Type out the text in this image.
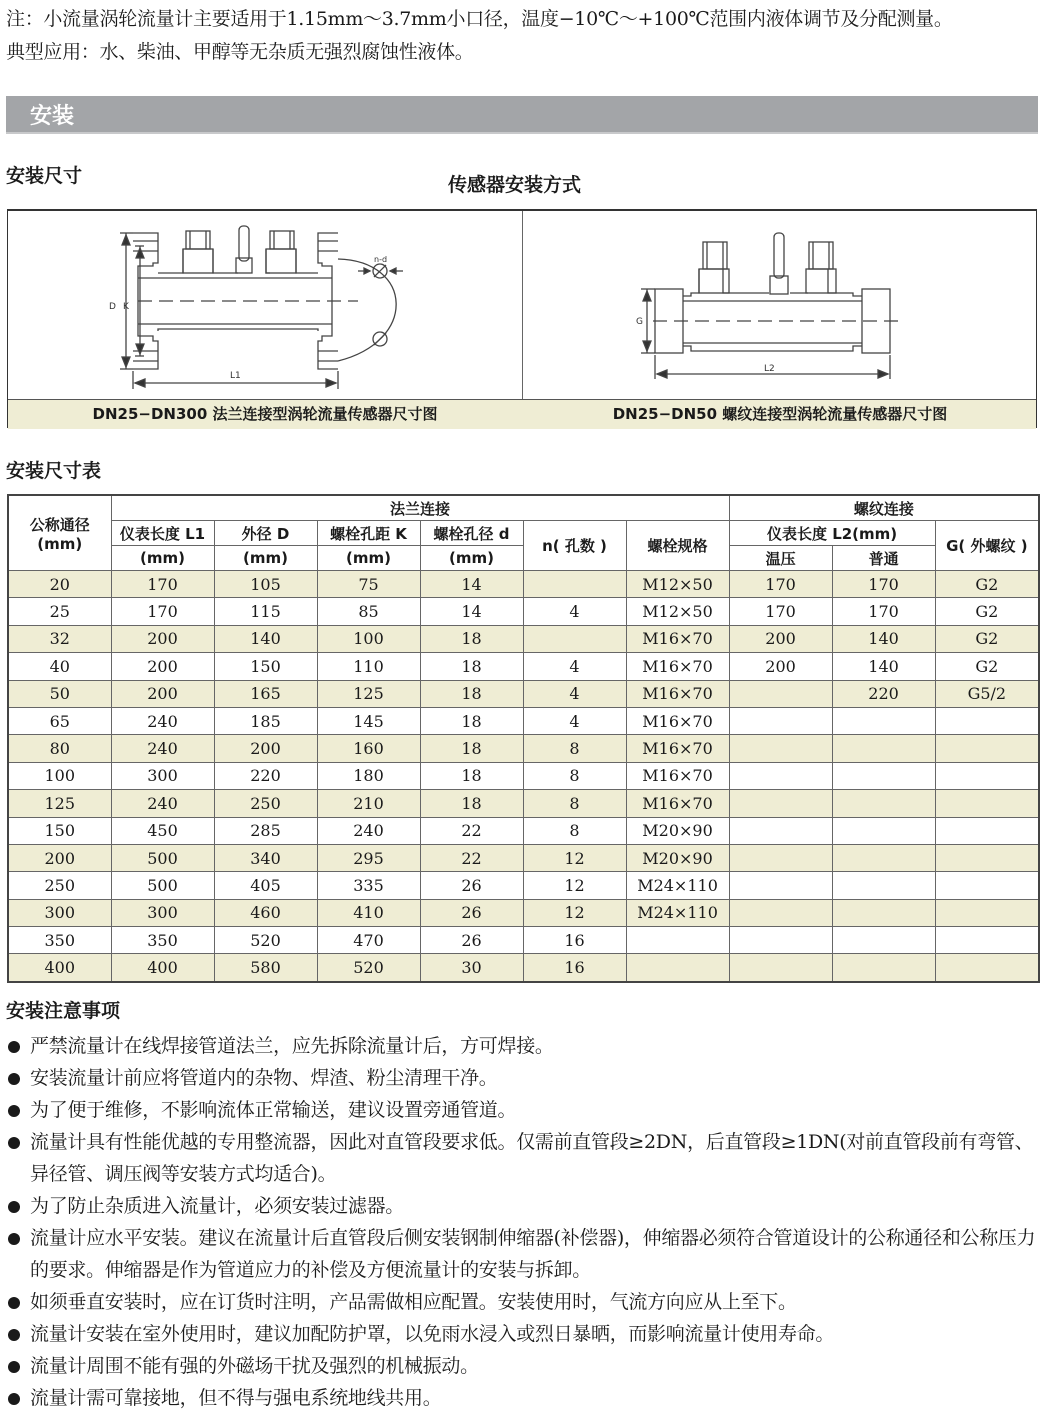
注：小流量涡轮流量计主要适用于1.15mm～3.7mm小口径，温度−10℃～+100℃范围内液体调节及分配测量。
典型应用：水、柴油、甲醇等无杂质无强烈腐蚀性液体。
安装
安装尺寸	传感器安装方式
D K
L1
n-d
G
L2
DN25−DN300 法兰连接型涡轮流量传感器尺寸图	DN25−DN50 螺纹连接型涡轮流量传感器尺寸图
安装尺寸表
公称通径
(mm)	法兰连接						螺纹连接		
	仪表长度 L1	外径 D	螺栓孔距 K	螺栓孔径 d	n( 孔数 )	螺栓规格	仪表长度 L2(mm)		G( 外螺纹 )
	(mm)	(mm)	(mm)	(mm)			温压	普通	
20	170	105	75	14		M12×50	170	170	G2
25	170	115	85	14	4	M12×50	170	170	G2
32	200	140	100	18		M16×70	200	140	G2
40	200	150	110	18	4	M16×70	200	140	G2
50	200	165	125	18	4	M16×70		220	G5/2
65	240	185	145	18	4	M16×70			
80	240	200	160	18	8	M16×70			
100	300	220	180	18	8	M16×70			
125	240	250	210	18	8	M16×70			
150	450	285	240	22	8	M20×90			
200	500	340	295	22	12	M20×90			
250	500	405	335	26	12	M24×110			
300	300	460	410	26	12	M24×110			
350	350	520	470	26	16				
400	400	580	520	30	16				
安装注意事项
严禁流量计在线焊接管道法兰，应先拆除流量计后，方可焊接。
安装流量计前应将管道内的杂物、焊渣、粉尘清理干净。
为了便于维修，不影响流体正常输送，建议设置旁通管道。
流量计具有性能优越的专用整流器，因此对直管段要求低。仅需前直管段≥2DN，后直管段≥1DN(对前直管段前有弯管、异径管、调压阀等安装方式均适合)。
为了防止杂质进入流量计，必须安装过滤器。
流量计应水平安装。建议在流量计后直管段后侧安装钢制伸缩器(补偿器)，伸缩器必须符合管道设计的公称通径和公称压力的要求。伸缩器是作为管道应力的补偿及方便流量计的安装与拆卸。
如须垂直安装时，应在订货时注明，产品需做相应配置。安装使用时，气流方向应从上至下。
流量计安装在室外使用时，建议加配防护罩，以免雨水浸入或烈日暴晒，而影响流量计使用寿命。
流量计周围不能有强的外磁场干扰及强烈的机械振动。
流量计需可靠接地，但不得与强电系统地线共用。
